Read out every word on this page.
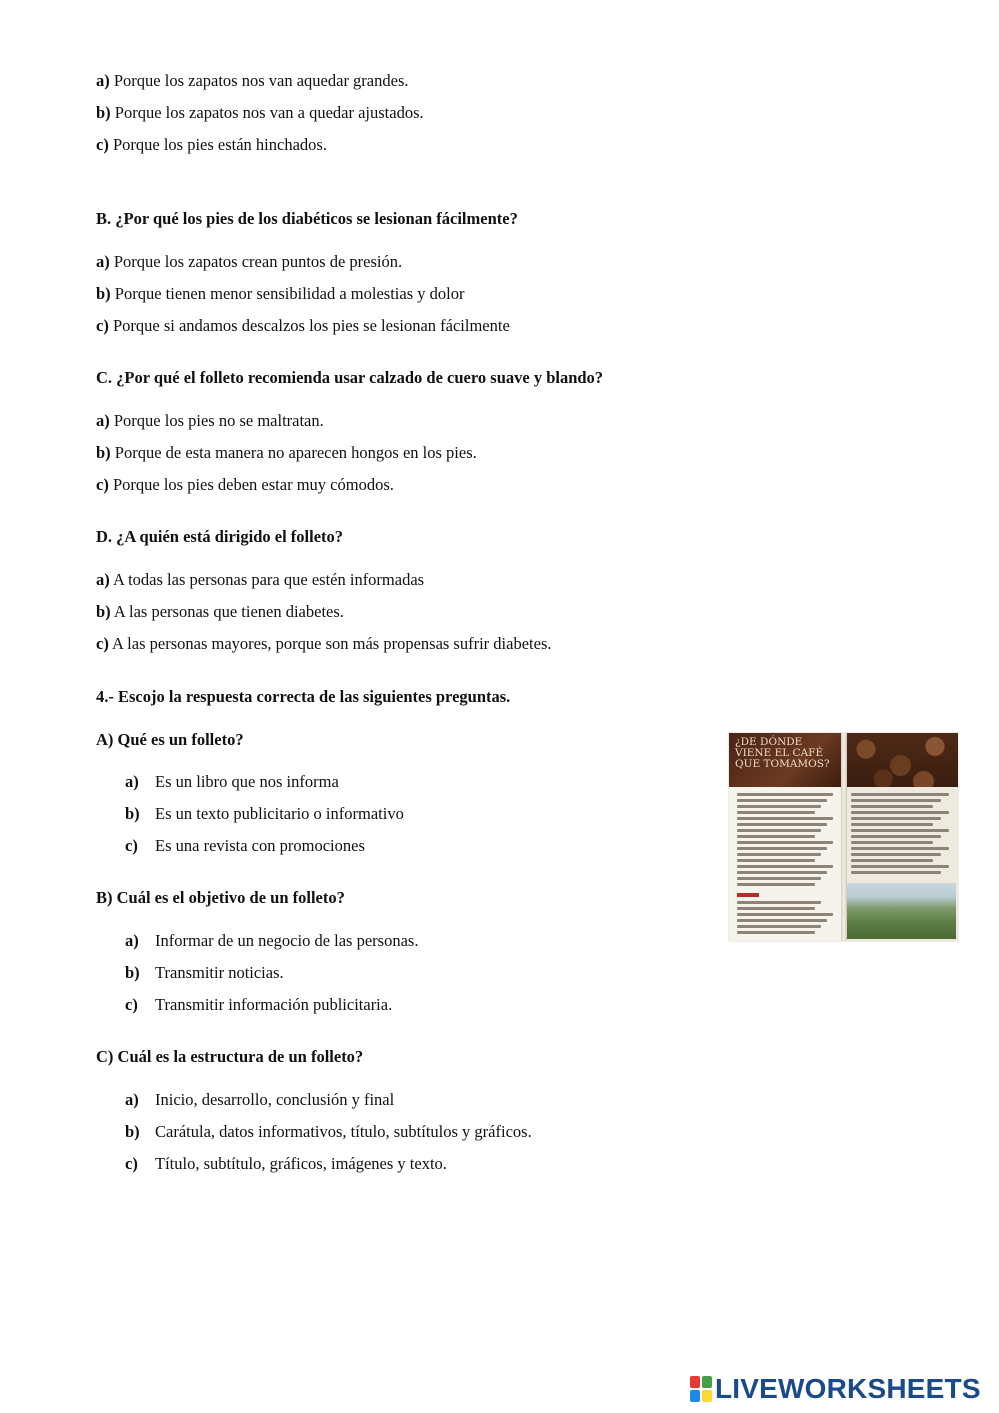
a) Porque los zapatos nos van aquedar grandes.
b) Porque los zapatos nos van a quedar ajustados.
c) Porque los pies están hinchados.
B. ¿Por qué los pies de los diabéticos se lesionan fácilmente?
a) Porque los zapatos crean puntos de presión.
b) Porque tienen menor sensibilidad a molestias y dolor
c) Porque si andamos descalzos los pies se lesionan fácilmente
C. ¿Por qué el folleto recomienda usar calzado de cuero suave y blando?
a) Porque los pies no se maltratan.
b) Porque de esta manera no aparecen hongos en los pies.
c) Porque los pies deben estar muy cómodos.
D. ¿A quién está dirigido el folleto?
a) A todas las personas para que estén informadas
b) A las personas que tienen diabetes.
c) A las personas mayores, porque son más propensas sufrir diabetes.
4.- Escojo la respuesta correcta de las siguientes preguntas.
A) Qué es un folleto?
a) Es un libro que nos informa
b) Es un texto publicitario o informativo
c) Es una revista con promociones
B) Cuál es el objetivo de un folleto?
a) Informar de un negocio de las personas.
b) Transmitir noticias.
c) Transmitir información publicitaria.
C) Cuál es la estructura de un folleto?
a) Inicio, desarrollo, conclusión y final
b) Carátula, datos informativos, título, subtítulos y gráficos.
c) Título, subtítulo, gráficos, imágenes y texto.
¿DE DÓNDE VIENE EL CAFÉ QUE TOMAMOS?
LIVEWORKSHEETS
